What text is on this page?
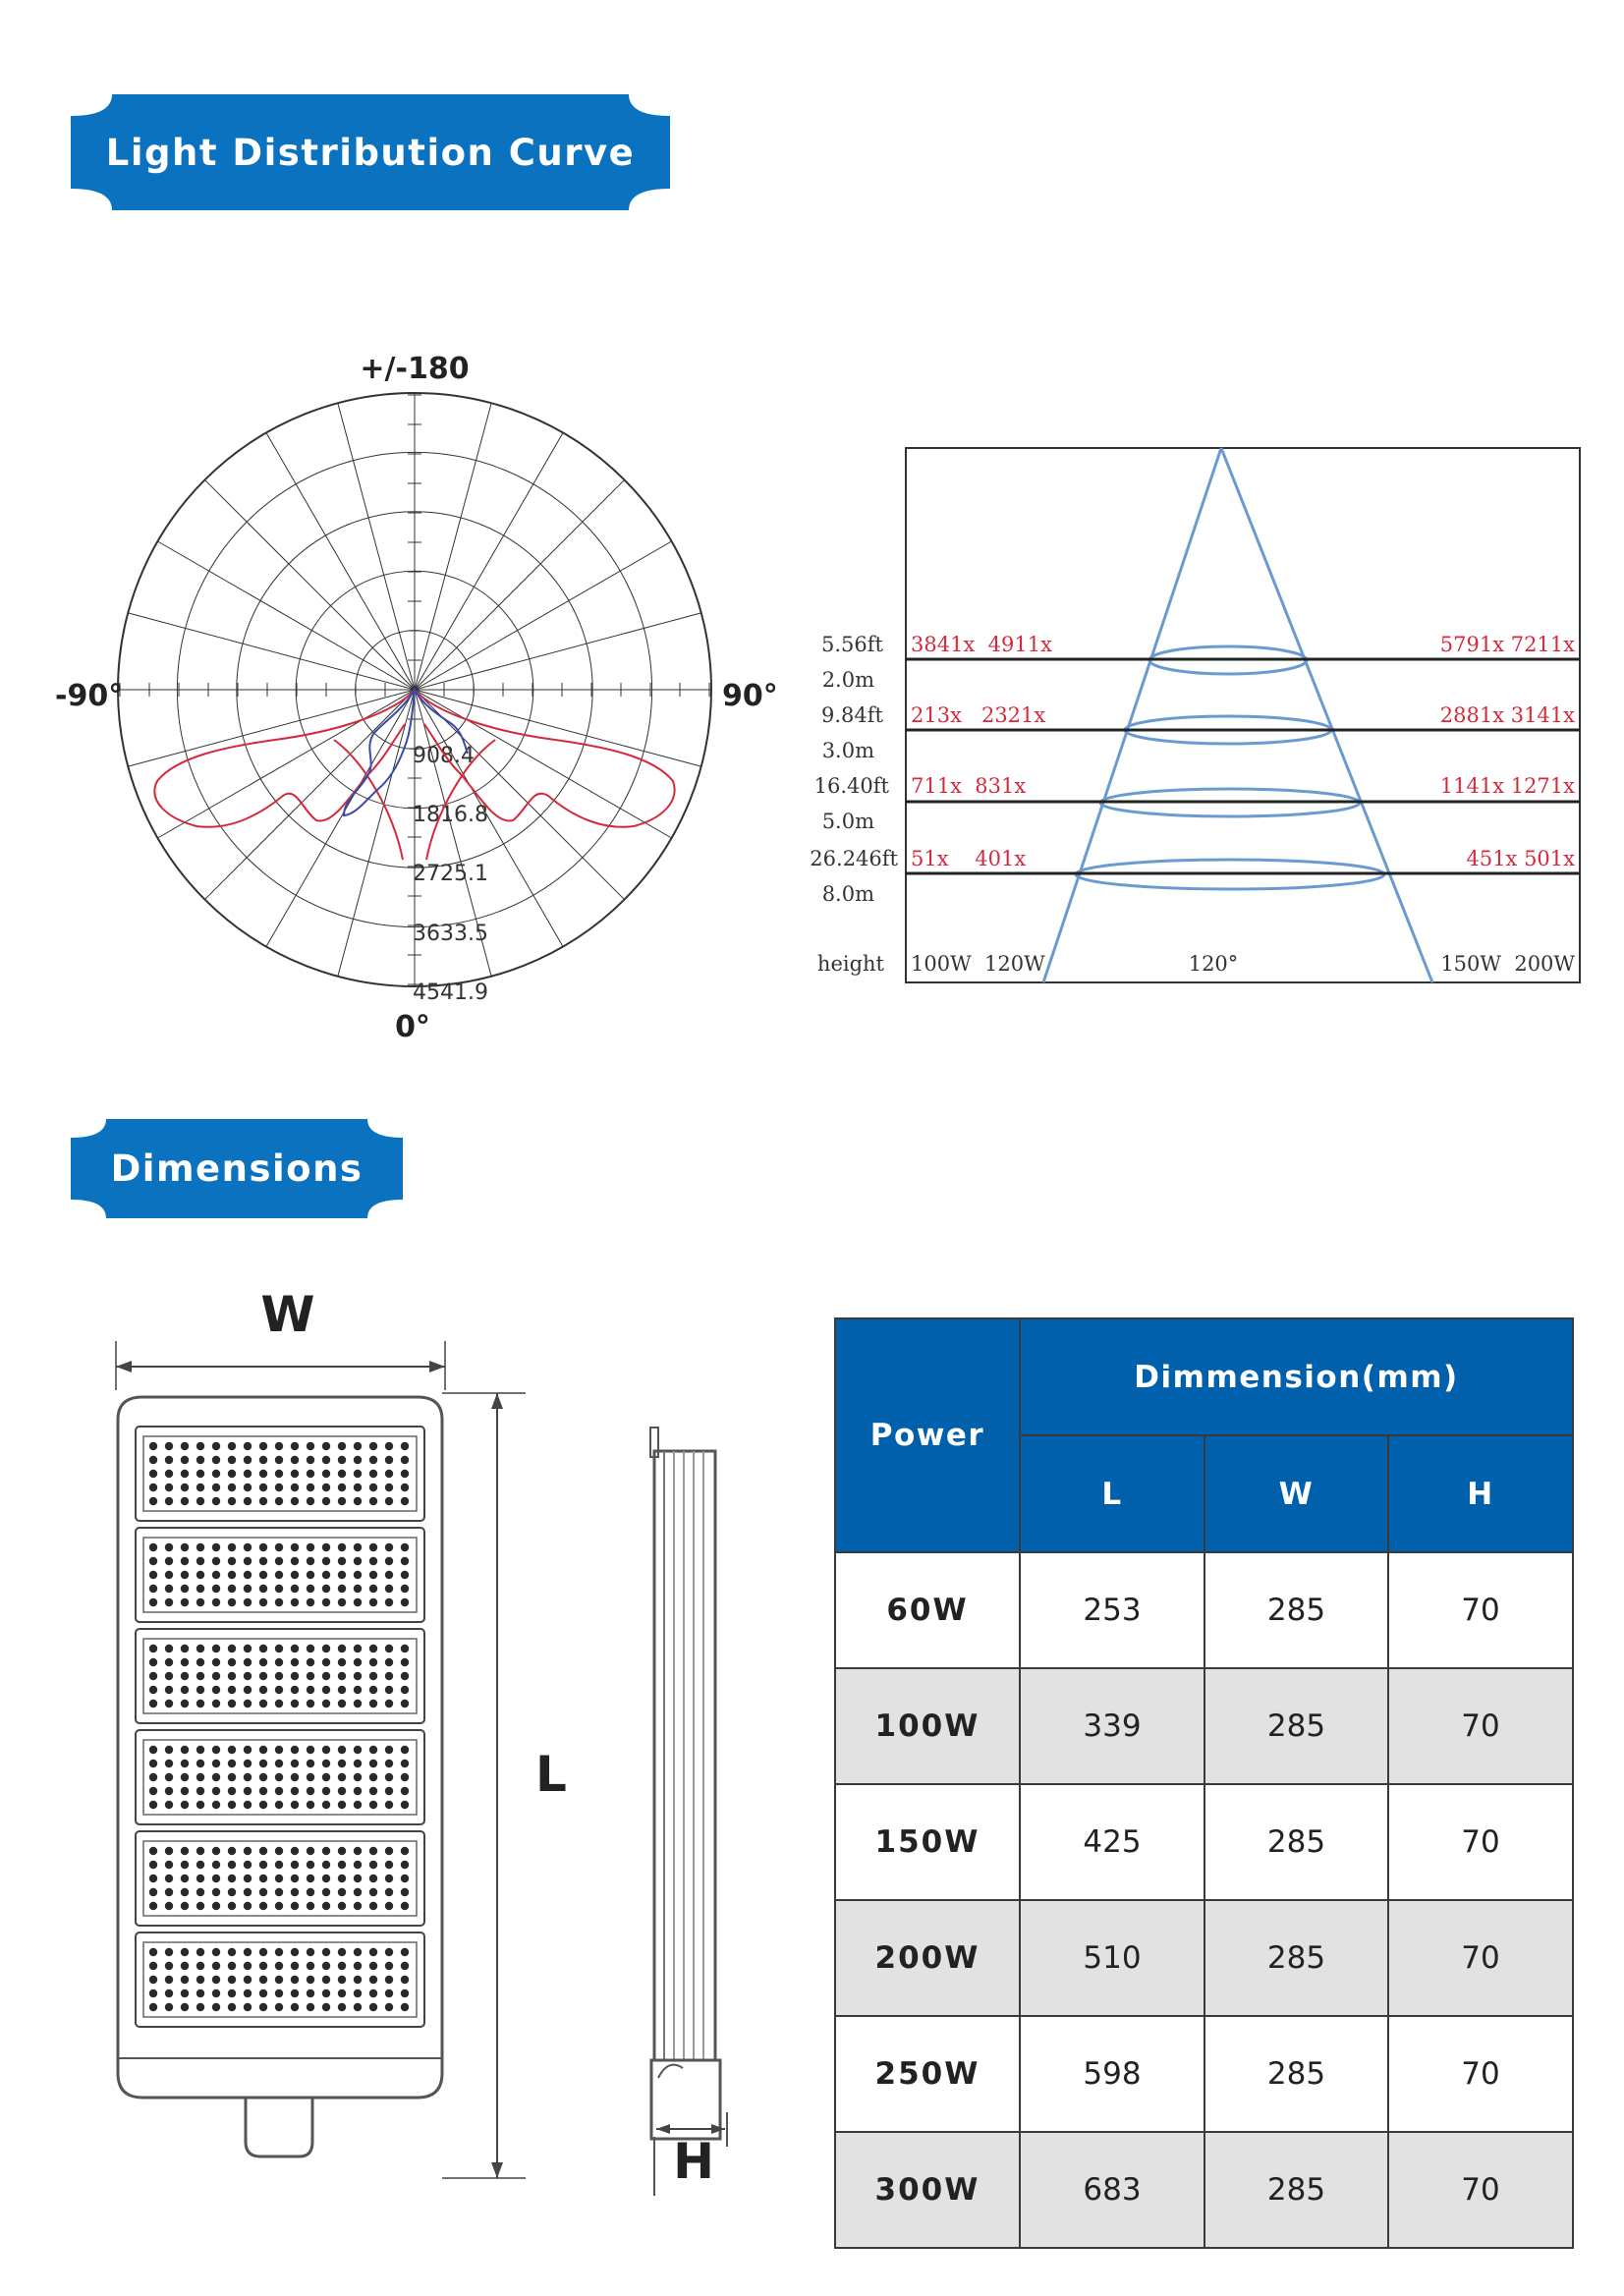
Light Distribution Curve
+/-180
-90°	90°
0°
908.4
1816.8
2725.1
3633.5
4541.9
5.56ft
2.0m
3841x  4911x	5791x 7211x
9.84ft
3.0m
213x   2321x	2881x 3141x
16.40ft
5.0m
711x  831x	1141x 1271x
26.246ft
8.0m
51x    401x	451x 501x
height 100W  120W	120°	150W  200W
Dimensions
W
L
H
Power	Dimmension(mm)		
	L	W	H
60W	253	285	70
100W	339	285	70
150W	425	285	70
200W	510	285	70
250W	598	285	70
300W	683	285	70
